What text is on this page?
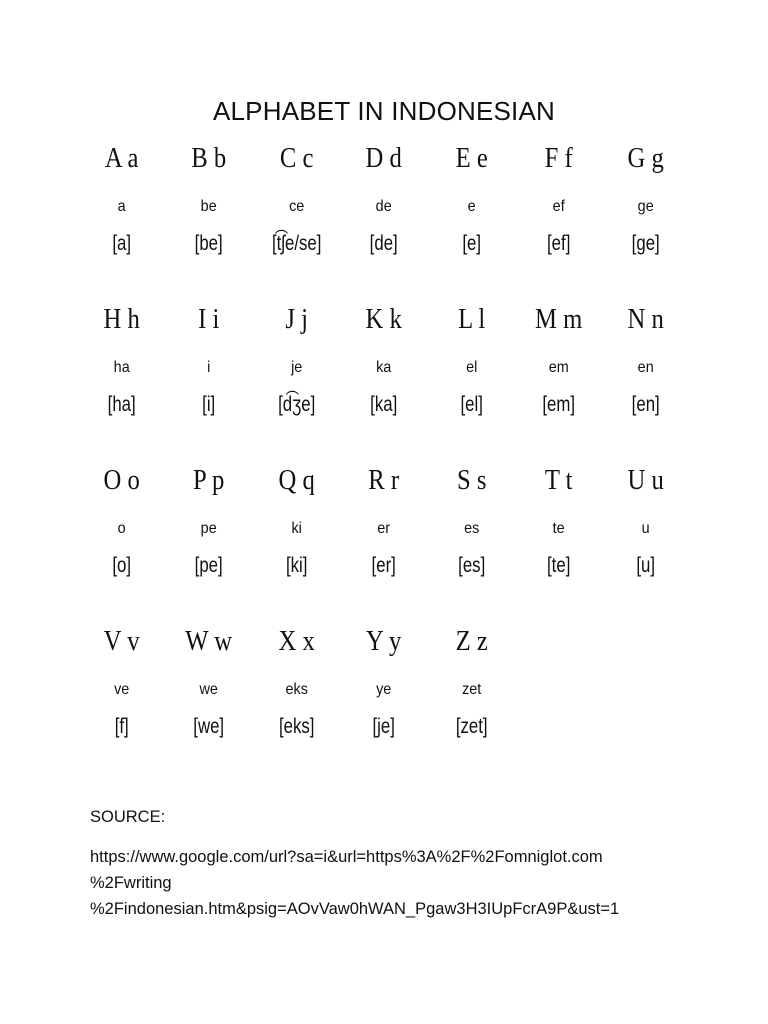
ALPHABET IN INDONESIAN
A a
a
[a]
B b
be
[be]
C c
ce
[t͡ʃe/se]
D d
de
[de]
E e
e
[e]
F f
ef
[ef]
G g
ge
[ge]
H h
ha
[ha]
I i
i
[i]
J j
je
[d͡ʒe]
K k
ka
[ka]
L l
el
[el]
M m
em
[em]
N n
en
[en]
O o
o
[o]
P p
pe
[pe]
Q q
ki
[ki]
R r
er
[er]
S s
es
[es]
T t
te
[te]
U u
u
[u]
V v
ve
[f]
W w
we
[we]
X x
eks
[eks]
Y y
ye
[je]
Z z
zet
[zet]
SOURCE:
https://www.google.com/url?sa=i&url=https%3A%2F%2Fomniglot.com
%2Fwriting
%2Findonesian.htm&psig=AOvVaw0hWAN_Pgaw3H3IUpFcrA9P&ust=1
